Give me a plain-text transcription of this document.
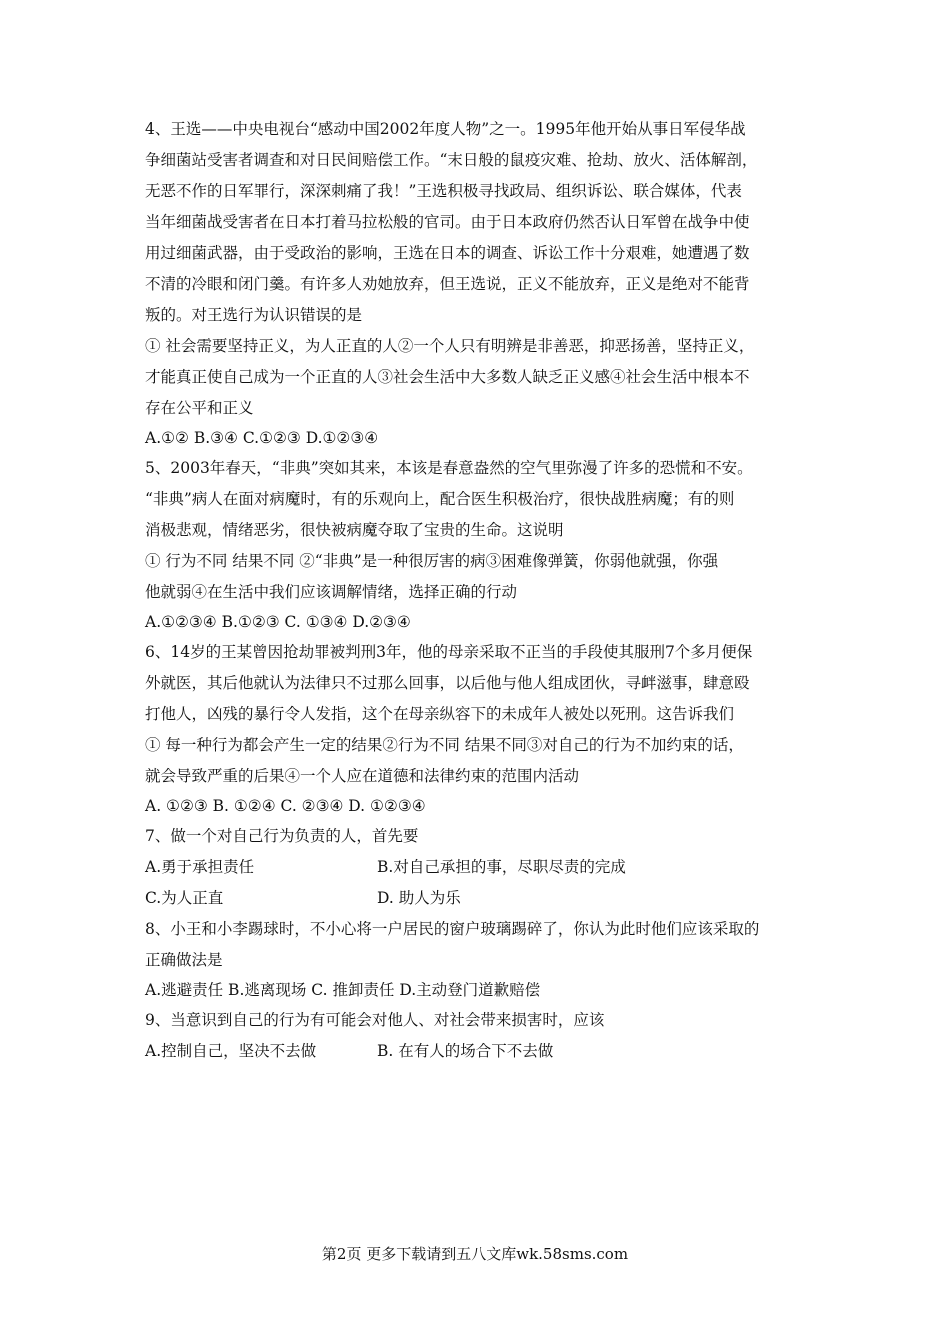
4、王选——中央电视台“感动中国2002年度人物”之一。1995年他开始从事日军侵华战

争细菌站受害者调查和对日民间赔偿工作。“末日般的鼠疫灾难、抢劫、放火、活体解剖，

无恶不作的日军罪行，深深刺痛了我！”王选积极寻找政局、组织诉讼、联合媒体，代表

当年细菌战受害者在日本打着马拉松般的官司。由于日本政府仍然否认日军曾在战争中使

用过细菌武器，由于受政治的影响，王选在日本的调查、诉讼工作十分艰难，她遭遇了数

不清的冷眼和闭门羹。有许多人劝她放弃，但王选说，正义不能放弃，正义是绝对不能背

叛的。对王选行为认识错误的是

① 社会需要坚持正义，为人正直的人②一个人只有明辨是非善恶，抑恶扬善，坚持正义，

才能真正使自己成为一个正直的人③社会生活中大多数人缺乏正义感④社会生活中根本不

存在公平和正义

A.①② B.③④ C.①②③ D.①②③④

5、2003年春天，“非典”突如其来，本该是春意盎然的空气里弥漫了许多的恐慌和不安。

“非典”病人在面对病魔时，有的乐观向上，配合医生积极治疗，很快战胜病魔；有的则

消极悲观，情绪恶劣，很快被病魔夺取了宝贵的生命。这说明

① 行为不同 结果不同 ②“非典”是一种很厉害的病③困难像弹簧，你弱他就强，你强

他就弱④在生活中我们应该调解情绪，选择正确的行动

A.①②③④ B.①②③ C. ①③④ D.②③④

6、14岁的王某曾因抢劫罪被判刑3年，他的母亲采取不正当的手段使其服刑7个多月便保

外就医，其后他就认为法律只不过那么回事，以后他与他人组成团伙，寻衅滋事，肆意殴

打他人，凶残的暴行令人发指，这个在母亲纵容下的未成年人被处以死刑。这告诉我们

① 每一种行为都会产生一定的结果②行为不同 结果不同③对自己的行为不加约束的话，

就会导致严重的后果④一个人应在道德和法律约束的范围内活动

A. ①②③ B. ①②④ C. ②③④ D. ①②③④

7、做一个对自己行为负责的人，首先要

A.勇于承担责任	B.对自己承担的事，尽职尽责的完成
C.为人正直	D. 助人为乐

8、小王和小李踢球时，不小心将一户居民的窗户玻璃踢碎了，你认为此时他们应该采取的

正确做法是

A.逃避责任 B.逃离现场 C. 推卸责任 D.主动登门道歉赔偿

9、当意识到自己的行为有可能会对他人、对社会带来损害时，应该

A.控制自己，坚决不去做	B. 在有人的场合下不去做
第2页 更多下载请到五八文库wk.58sms.com
